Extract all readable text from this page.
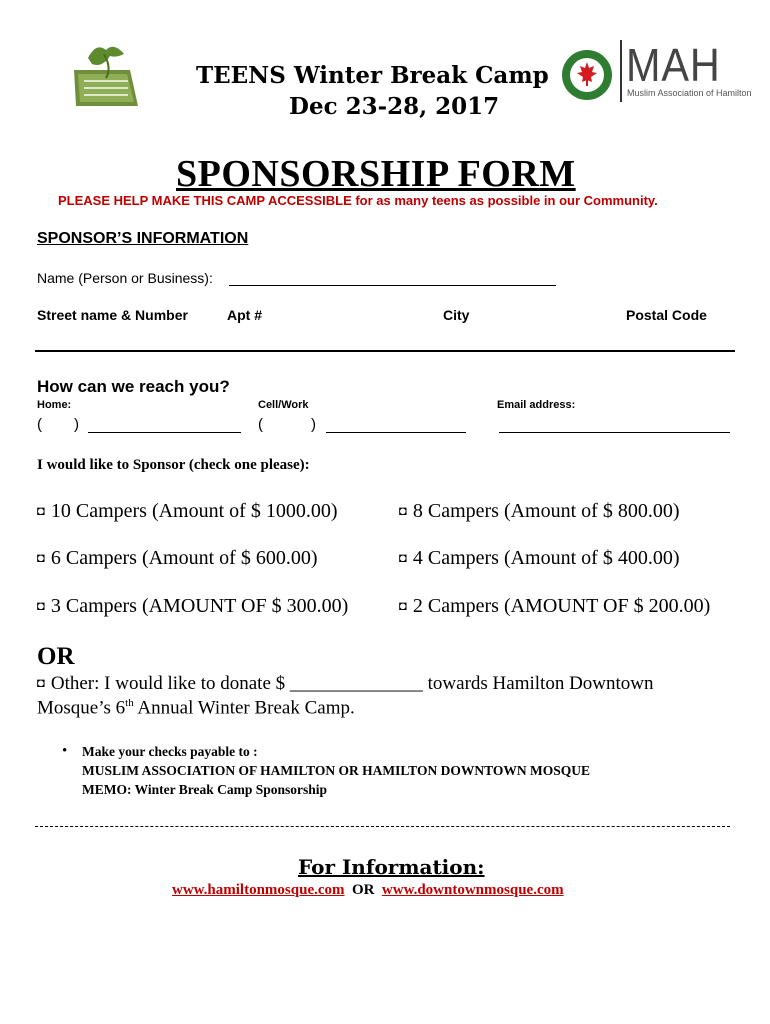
TEENS Winter Break Camp
Dec 23-28, 2017
MAH
Muslim Association of Hamilton
SPONSORSHIP FORM
PLEASE HELP MAKE THIS CAMP ACCESSIBLE for as many teens as possible in our Community.
SPONSOR’S INFORMATION
Name (Person or Business):
Street name & Number	Apt #	City	Postal Code
How can we reach you?
Home:	Cell/Work	Email address:
( )	(	)
I would like to Sponsor (check one please):
◘ 10 Campers (Amount of $ 1000.00)	◘ 8 Campers (Amount of $ 800.00)
◘ 6 Campers (Amount of $ 600.00)	◘ 4 Campers (Amount of $ 400.00)
◘ 3 Campers (AMOUNT OF $ 300.00)	◘ 2 Campers (AMOUNT OF $ 200.00)
OR
◘ Other: I would like to donate $ ______________ towards Hamilton Downtown
Mosque’s 6th Annual Winter Break Camp.
• Make your checks payable to :
MUSLIM ASSOCIATION OF HAMILTON OR HAMILTON DOWNTOWN MOSQUE
MEMO: Winter Break Camp Sponsorship
For Information:
www.hamiltonmosque.com OR www.downtownmosque.com
